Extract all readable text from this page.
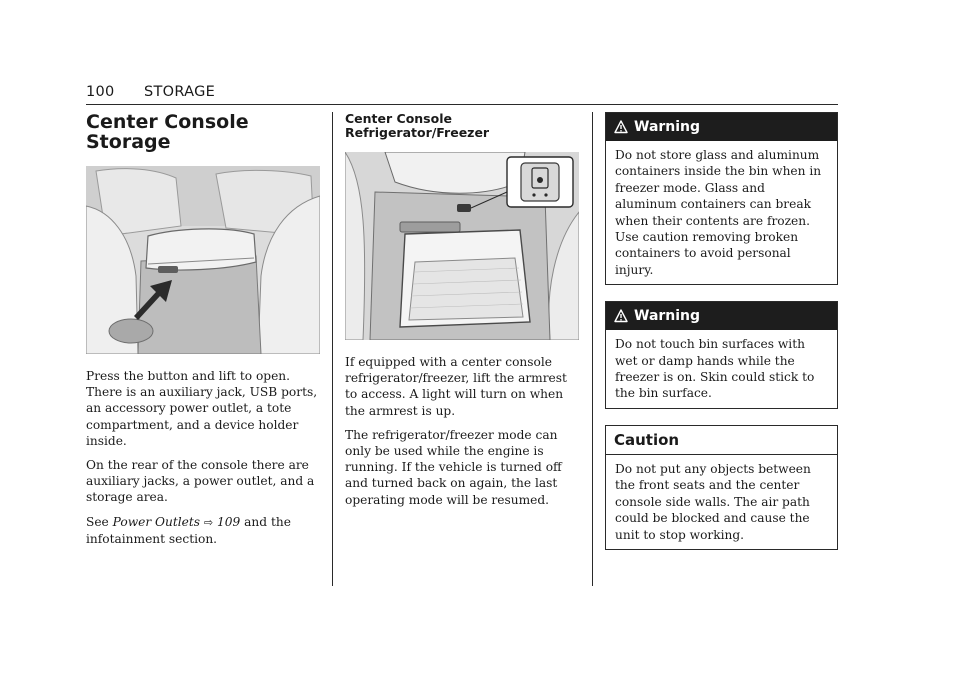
100 STORAGE
Center Console Storage

Press the button and lift to open. There is an auxiliary jack, USB ports, an accessory power outlet, a tote compartment, and a device holder inside.

On the rear of the console there are auxiliary jacks, a power outlet, and a storage area.

See Power Outlets ⇨ 109 and the infotainment section.

Center Console Refrigerator/Freezer

If equipped with a center console refrigerator/freezer, lift the armrest to access. A light will turn on when the armrest is up.

The refrigerator/freezer mode can only be used while the engine is running. If the vehicle is turned off and turned back on again, the last operating mode will be resumed.

Warning
Do not store glass and aluminum containers inside the bin when in freezer mode. Glass and aluminum containers can break when their contents are frozen. Use caution removing broken containers to avoid personal injury.
Warning
Do not touch bin surfaces with wet or damp hands while the freezer is on. Skin could stick to the bin surface.
Caution
Do not put any objects between the front seats and the center console side walls. The air path could be blocked and cause the unit to stop working.
